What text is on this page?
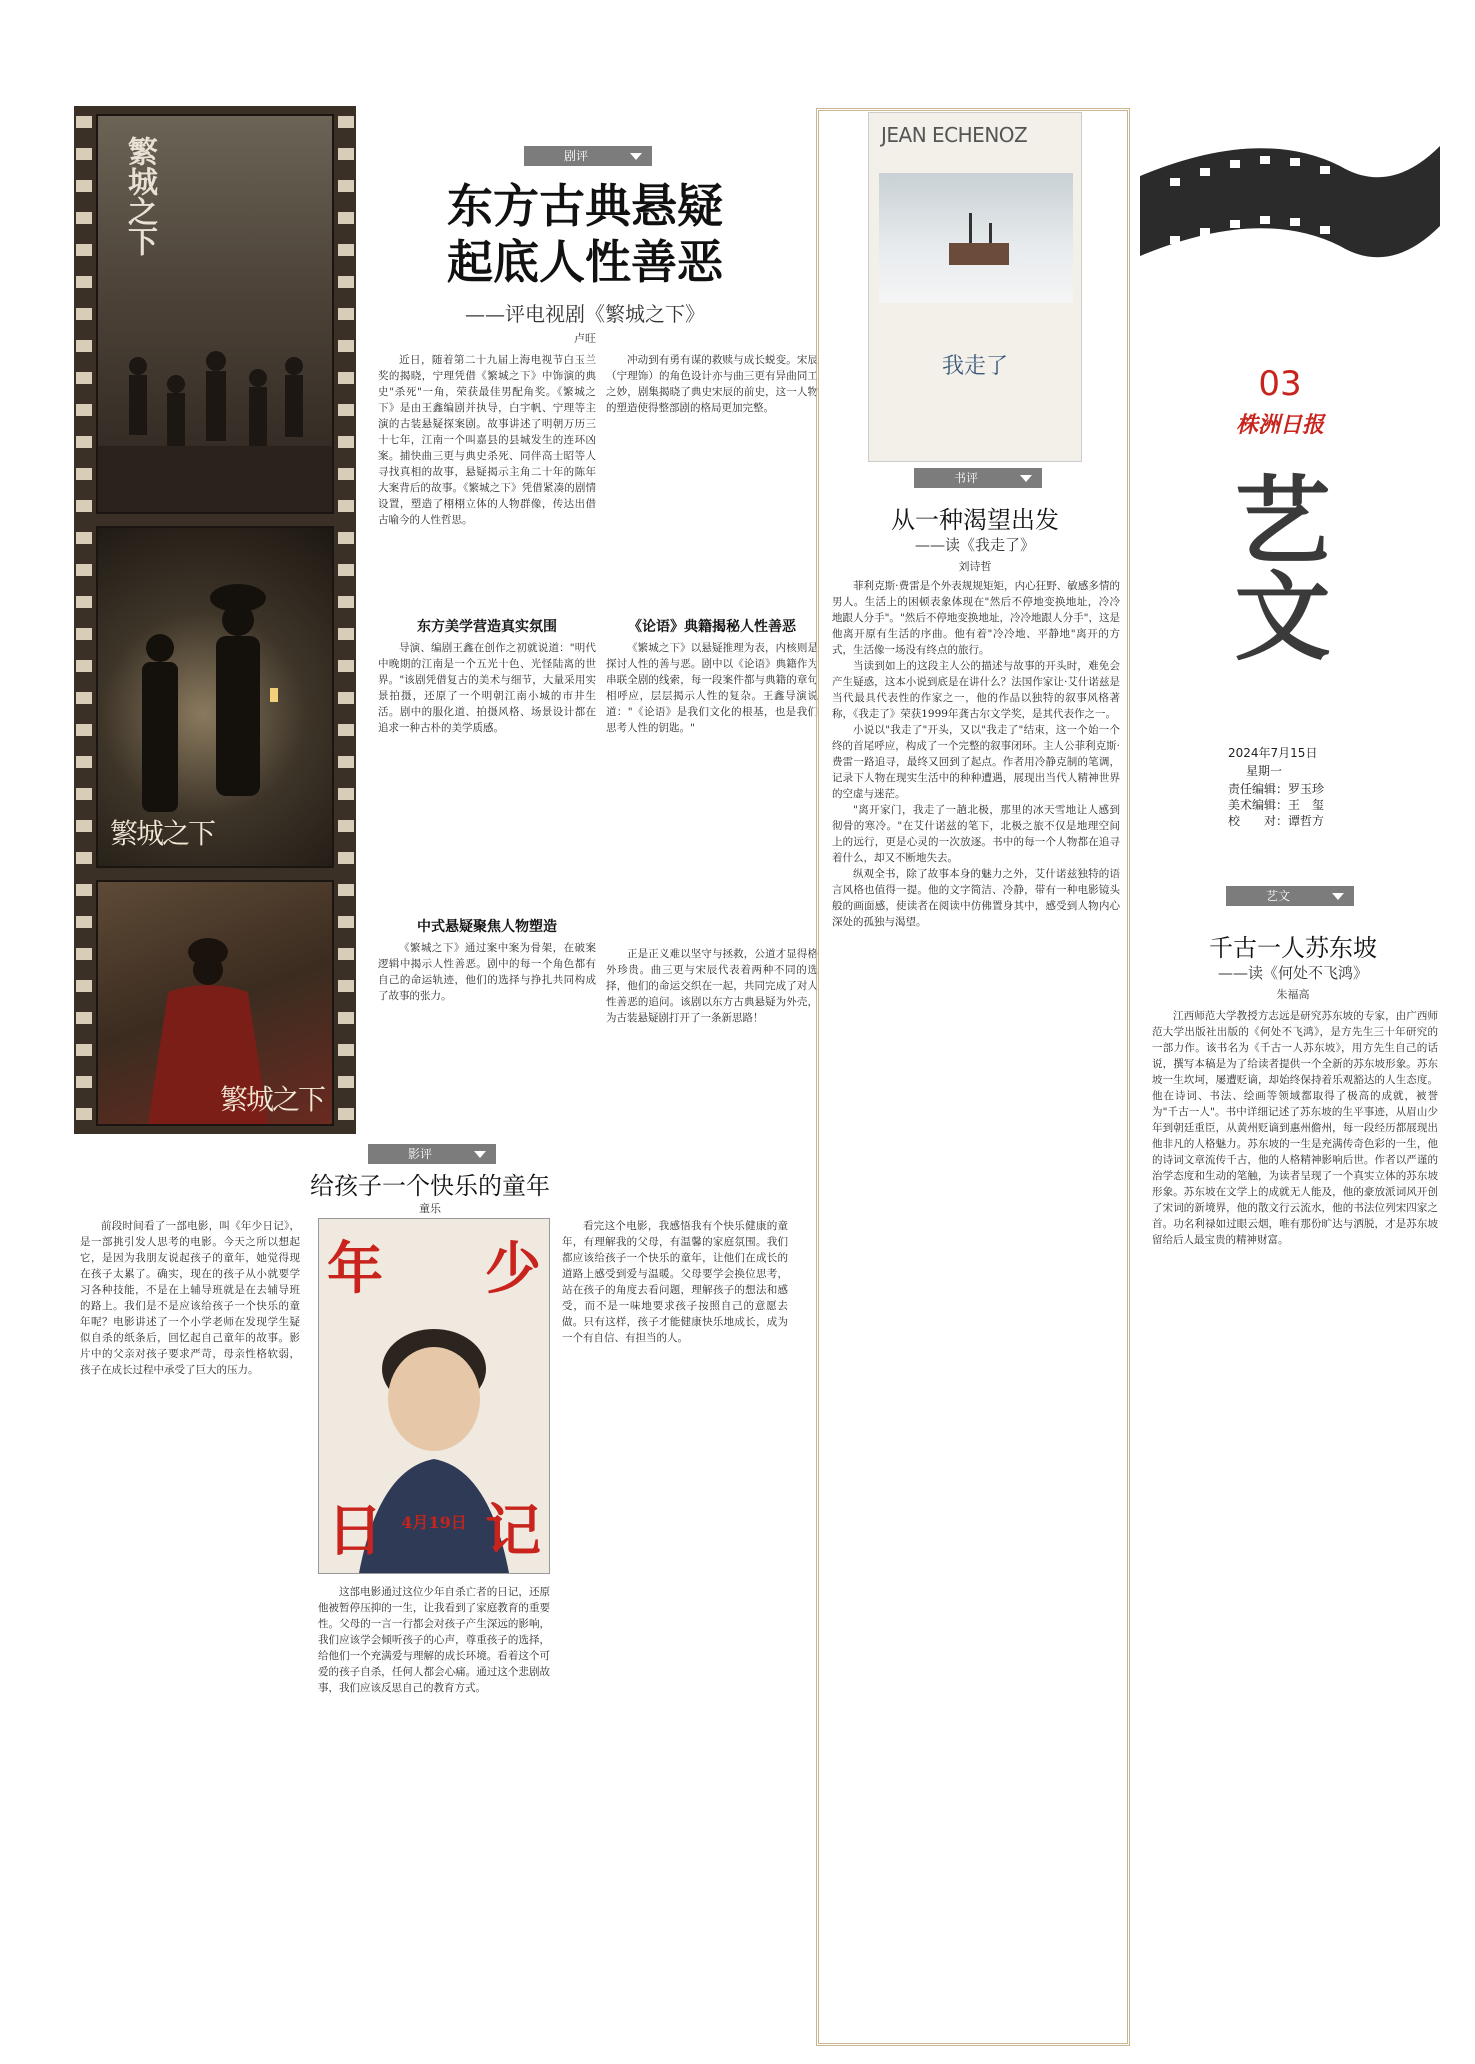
繁城之下
繁城之下
繁城之下
剧评
东方古典悬疑
起底人性善恶
——评电视剧《繁城之下》
卢旺

近日，随着第二十九届上海电视节白玉兰奖的揭晓，宁理凭借《繁城之下》中饰演的典史"杀死"一角，荣获最佳男配角奖。《繁城之下》是由王鑫编剧并执导，白宇帆、宁理等主演的古装悬疑探案剧。故事讲述了明朝万历三十七年，江南一个叫嘉县的县城发生的连环凶案。捕快曲三更与典史杀死、同伴高士昭等人寻找真相的故事，悬疑揭示主角二十年的陈年大案背后的故事。《繁城之下》凭借紧凑的剧情设置，塑造了栩栩立体的人物群像，传达出借古喻今的人性哲思。

东方美学营造真实氛围

导演、编剧王鑫在创作之初就说道："明代中晚期的江南是一个五光十色、光怪陆离的世界。"该剧凭借复古的美术与细节，大量采用实景拍摄，还原了一个明朝江南小城的市井生活。剧中的服化道、拍摄风格、场景设计都在追求一种古朴的美学质感。

中式悬疑聚焦人物塑造

《繁城之下》通过案中案为骨架，在破案逻辑中揭示人性善恶。剧中的每一个角色都有自己的命运轨迹，他们的选择与挣扎共同构成了故事的张力。

冲动到有勇有谋的救赎与成长蜕变。宋辰（宁理饰）的角色设计亦与曲三更有异曲同工之妙，剧集揭晓了典史宋辰的前史，这一人物的塑造使得整部剧的格局更加完整。

《论语》典籍揭秘人性善恶

《繁城之下》以悬疑推理为表，内核则是探讨人性的善与恶。剧中以《论语》典籍作为串联全剧的线索，每一段案件都与典籍的章句相呼应，层层揭示人性的复杂。王鑫导演说道："《论语》是我们文化的根基，也是我们思考人性的钥匙。"

正是正义难以坚守与拯救，公道才显得格外珍贵。曲三更与宋辰代表着两种不同的选择，他们的命运交织在一起，共同完成了对人性善恶的追问。该剧以东方古典悬疑为外壳，为古装悬疑剧打开了一条新思路！

影评
给孩子一个快乐的童年
童乐

前段时间看了一部电影，叫《年少日记》，是一部挑引发人思考的电影。今天之所以想起它，是因为我朋友说起孩子的童年，她觉得现在孩子太累了。确实，现在的孩子从小就要学习各种技能，不是在上辅导班就是在去辅导班的路上。我们是不是应该给孩子一个快乐的童年呢？电影讲述了一个小学老师在发现学生疑似自杀的纸条后，回忆起自己童年的故事。影片中的父亲对孩子要求严苛，母亲性格软弱，孩子在成长过程中承受了巨大的压力。

年 少
日 记
4月19日

这部电影通过这位少年自杀亡者的日记，还原他被暂停压抑的一生，让我看到了家庭教育的重要性。父母的一言一行都会对孩子产生深远的影响，我们应该学会倾听孩子的心声，尊重孩子的选择，给他们一个充满爱与理解的成长环境。看着这个可爱的孩子自杀，任何人都会心痛。通过这个悲剧故事，我们应该反思自己的教育方式。

看完这个电影，我感悟我有个快乐健康的童年，有理解我的父母，有温馨的家庭氛围。我们都应该给孩子一个快乐的童年，让他们在成长的道路上感受到爱与温暖。父母要学会换位思考，站在孩子的角度去看问题，理解孩子的想法和感受，而不是一味地要求孩子按照自己的意愿去做。只有这样，孩子才能健康快乐地成长，成为一个有自信、有担当的人。

JEAN ECHENOZ
我走了
书评
从一种渴望出发
——读《我走了》
刘诗哲

菲利克斯·费雷是个外表规规矩矩，内心狂野、敏感多情的男人。生活上的困顿表象体现在"然后不停地变换地址，冷冷地跟人分手"。"然后不停地变换地址，冷冷地跟人分手"，这是他离开原有生活的序曲。他有着"冷冷地、平静地"离开的方式，生活像一场没有终点的旅行。

当读到如上的这段主人公的描述与故事的开头时，难免会产生疑惑，这本小说到底是在讲什么？法国作家让·艾什诺兹是当代最具代表性的作家之一，他的作品以独特的叙事风格著称，《我走了》荣获1999年龚古尔文学奖，是其代表作之一。

小说以"我走了"开头，又以"我走了"结束，这一个始一个终的首尾呼应，构成了一个完整的叙事闭环。主人公菲利克斯·费雷一路追寻，最终又回到了起点。作者用冷静克制的笔调，记录下人物在现实生活中的种种遭遇，展现出当代人精神世界的空虚与迷茫。

"离开家门，我走了一趟北极，那里的冰天雪地让人感到彻骨的寒冷。"在艾什诺兹的笔下，北极之旅不仅是地理空间上的远行，更是心灵的一次放逐。书中的每一个人物都在追寻着什么，却又不断地失去。

纵观全书，除了故事本身的魅力之外，艾什诺兹独特的语言风格也值得一提。他的文字简洁、冷静，带有一种电影镜头般的画面感，使读者在阅读中仿佛置身其中，感受到人物内心深处的孤独与渴望。

03
株洲日报
艺文
2024年7月15日
星期一
责任编辑：罗玉珍
美术编辑：王　玺
校　　对：谭哲方
艺文
千古一人苏东坡
——读《何处不飞鸿》
朱福高

江西师范大学教授方志远是研究苏东坡的专家，由广西师范大学出版社出版的《何处不飞鸿》，是方先生三十年研究的一部力作。该书名为《千古一人苏东坡》，用方先生自己的话说，撰写本稿是为了给读者提供一个全新的苏东坡形象。苏东坡一生坎坷，屡遭贬谪，却始终保持着乐观豁达的人生态度。他在诗词、书法、绘画等领域都取得了极高的成就，被誉为"千古一人"。书中详细记述了苏东坡的生平事迹，从眉山少年到朝廷重臣，从黄州贬谪到惠州儋州，每一段经历都展现出他非凡的人格魅力。苏东坡的一生是充满传奇色彩的一生，他的诗词文章流传千古，他的人格精神影响后世。作者以严谨的治学态度和生动的笔触，为读者呈现了一个真实立体的苏东坡形象。苏东坡在文学上的成就无人能及，他的豪放派词风开创了宋词的新境界，他的散文行云流水，他的书法位列宋四家之首。功名利禄如过眼云烟，唯有那份旷达与洒脱，才是苏东坡留给后人最宝贵的精神财富。
